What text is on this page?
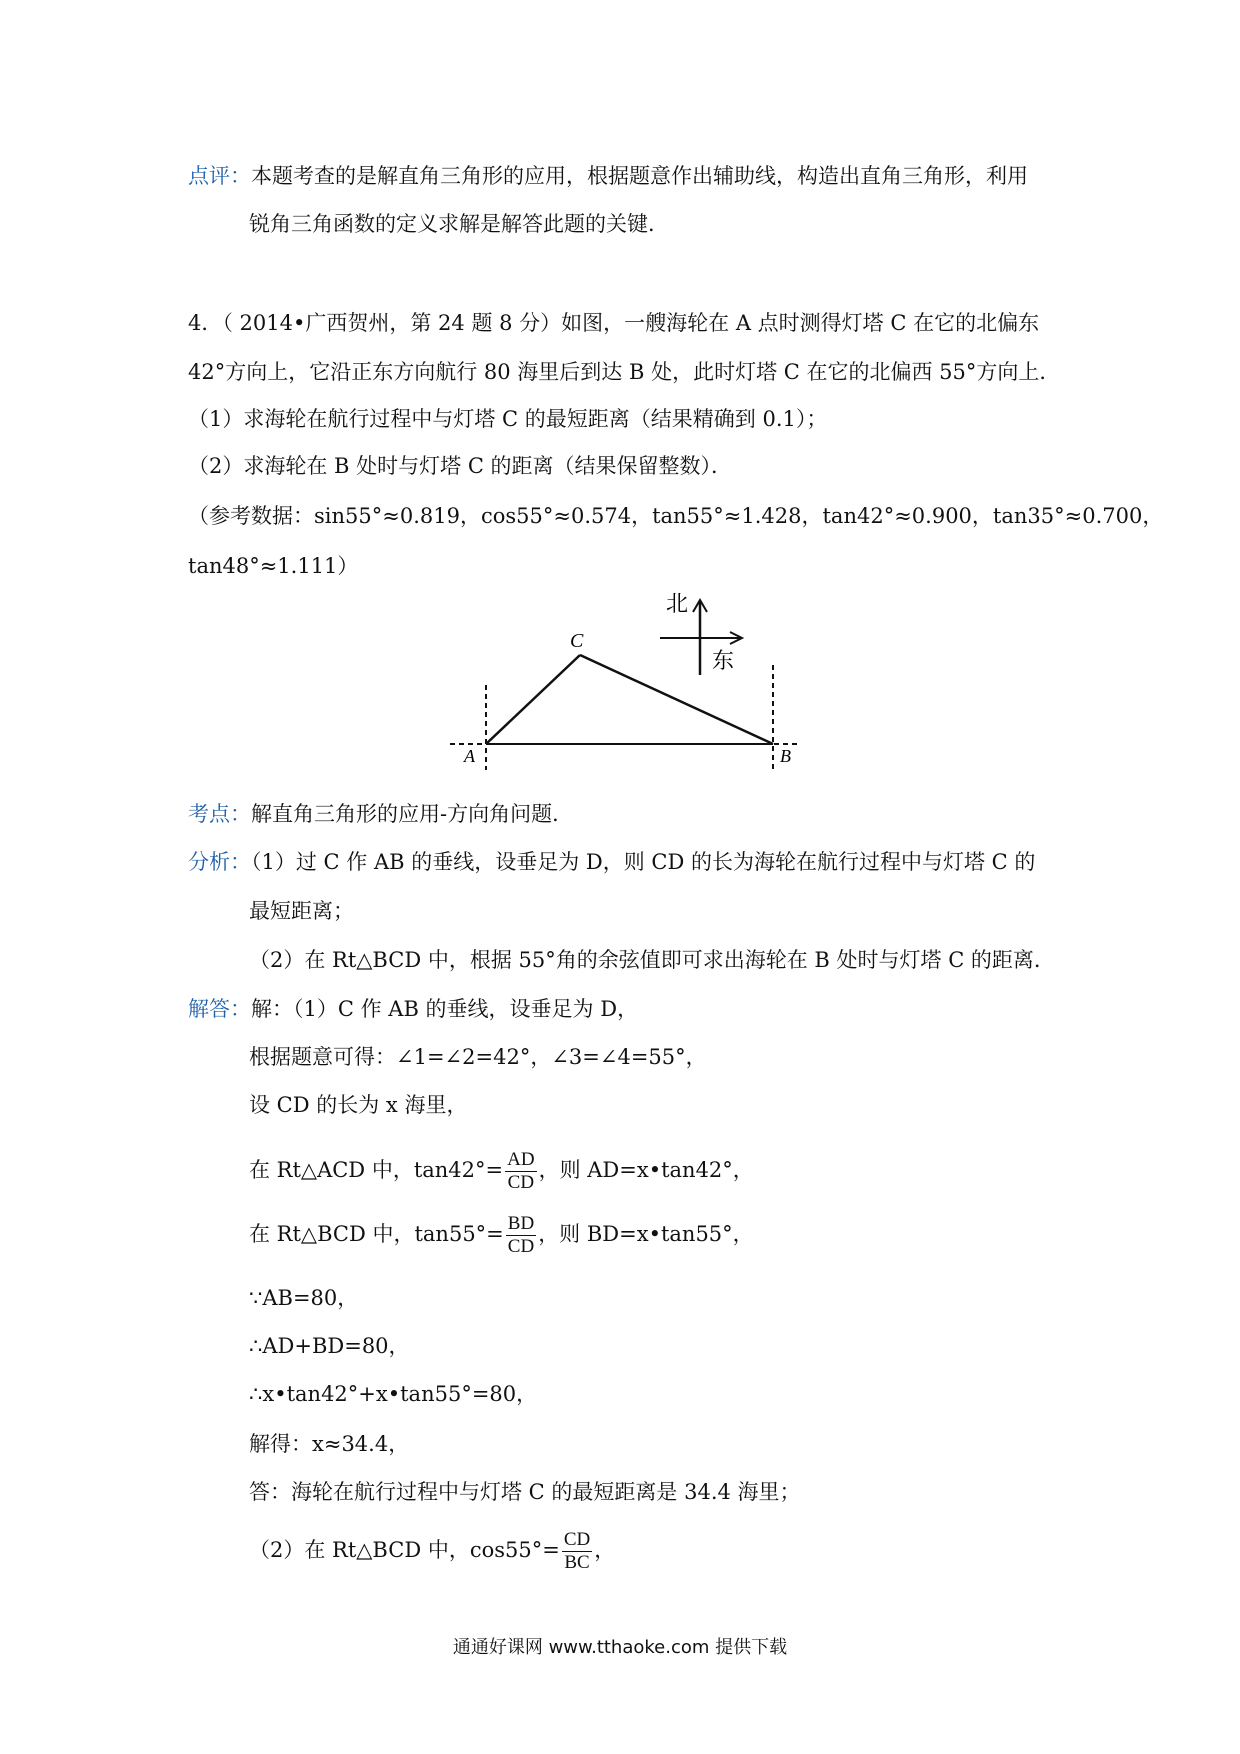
点评：本题考查的是解直角三角形的应用，根据题意作出辅助线，构造出直角三角形，利用
锐角三角函数的定义求解是解答此题的关键．
4．（ 2014•广西贺州，第 24 题 8 分）如图，一艘海轮在 A 点时测得灯塔 C 在它的北偏东
42°方向上，它沿正东方向航行 80 海里后到达 B 处，此时灯塔 C 在它的北偏西 55°方向上．
（1）求海轮在航行过程中与灯塔 C 的最短距离（结果精确到 0.1）；
（2）求海轮在 B 处时与灯塔 C 的距离（结果保留整数）．
（参考数据：sin55°≈0.819，cos55°≈0.574，tan55°≈1.428，tan42°≈0.900，tan35°≈0.700，
tan48°≈1.111）
北
东
C
A	B
考点：解直角三角形的应用-方向角问题．
分析：（1）过 C 作 AB 的垂线，设垂足为 D，则 CD 的长为海轮在航行过程中与灯塔 C 的
最短距离；
（2）在 Rt△BCD 中，根据 55°角的余弦值即可求出海轮在 B 处时与灯塔 C 的距离．
解答：解：（1）C 作 AB 的垂线，设垂足为 D，
根据题意可得：∠1=∠2=42°，∠3=∠4=55°，
设 CD 的长为 x 海里，
在 Rt△ACD 中，$\tan 42^\circ= \frac{AD}{CD}$ ，则 AD=x•tan42°，
在 Rt△BCD 中，$\tan 55^\circ= \frac{BD}{CD}$ ，则 BD=x•tan55°，
∵AB=80，
∴AD+BD=80，
∴x•tan42°+x•tan55°=80，
解得：x≈34.4，
答：海轮在航行过程中与灯塔 C 的最短距离是 34.4 海里；
（2）在 Rt△BCD 中，$\cos 55^\circ= \frac{CD}{BC}$ ，
通通好课网 www.tthaoke.com 提供下载
